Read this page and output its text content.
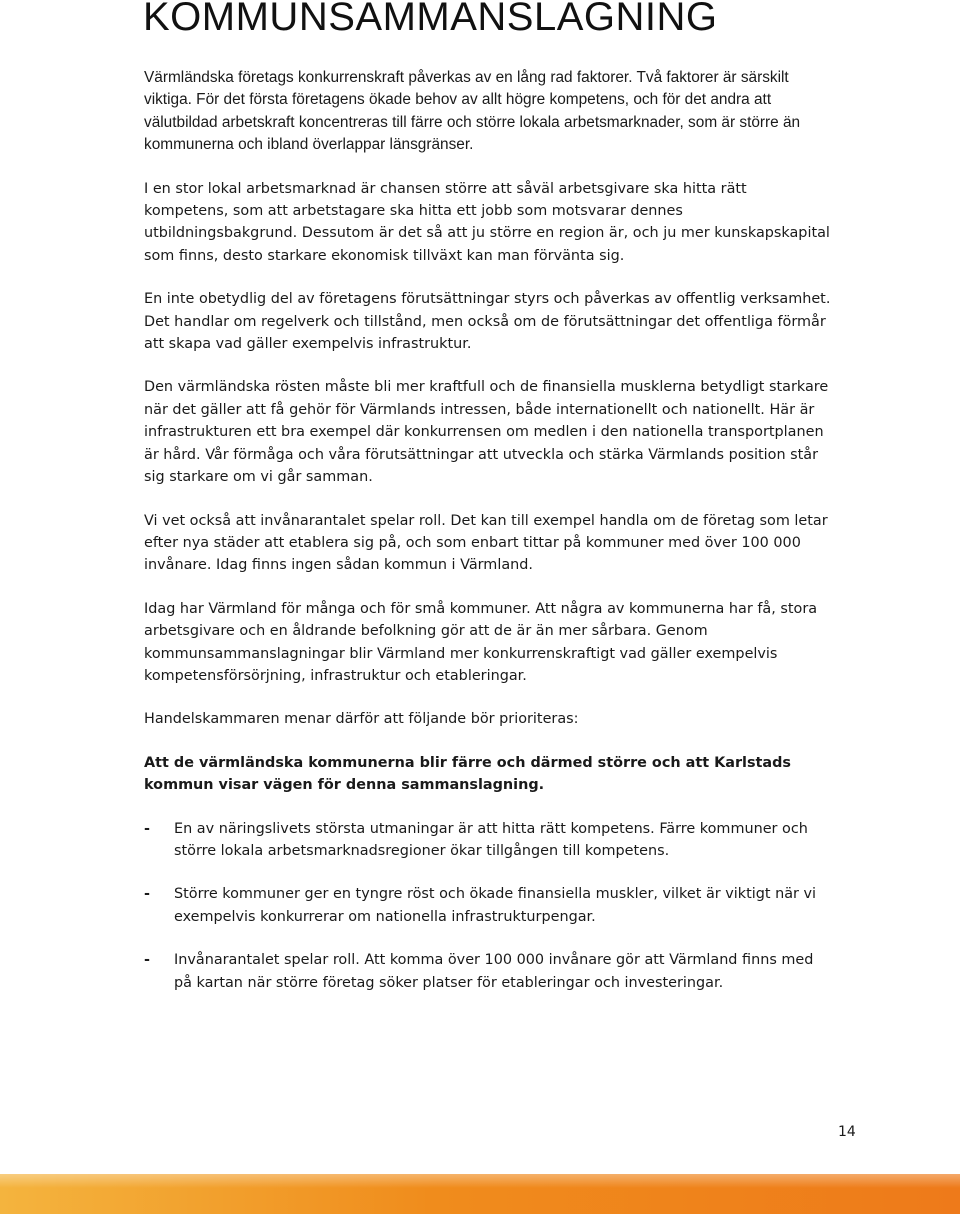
KOMMUNSAMMANSLAGNING

Värmländska företags konkurrenskraft påverkas av en lång rad faktorer. Två faktorer är särskilt viktiga. För det första företagens ökade behov av allt högre kompetens, och för det andra att välutbildad arbetskraft koncentreras till färre och större lokala arbetsmarknader, som är större än kommunerna och ibland överlappar länsgränser.

I en stor lokal arbetsmarknad är chansen större att såväl arbetsgivare ska hitta rätt kompetens, som att arbetstagare ska hitta ett jobb som motsvarar dennes utbildningsbakgrund. Dessutom är det så att ju större en region är, och ju mer kunskapskapital som finns, desto starkare ekonomisk tillväxt kan man förvänta sig.

En inte obetydlig del av företagens förutsättningar styrs och påverkas av offentlig verksamhet. Det handlar om regelverk och tillstånd, men också om de förutsättningar det offentliga förmår att skapa vad gäller exempelvis infrastruktur.

Den värmländska rösten måste bli mer kraftfull och de finansiella musklerna betydligt starkare när det gäller att få gehör för Värmlands intressen, både internationellt och nationellt. Här är infrastrukturen ett bra exempel där konkurrensen om medlen i den nationella transportplanen är hård. Vår förmåga och våra förutsättningar att utveckla och stärka Värmlands position står sig starkare om vi går samman.

Vi vet också att invånarantalet spelar roll. Det kan till exempel handla om de företag som letar efter nya städer att etablera sig på, och som enbart tittar på kommuner med över 100 000 invånare. Idag finns ingen sådan kommun i Värmland.

Idag har Värmland för många och för små kommuner. Att några av kommunerna har få, stora arbetsgivare och en åldrande befolkning gör att de är än mer sårbara. Genom kommunsammanslagningar blir Värmland mer konkurrenskraftigt vad gäller exempelvis kompetensförsörjning, infrastruktur och etableringar.

Handelskammaren menar därför att följande bör prioriteras:

Att de värmländska kommunerna blir färre och därmed större och att Karlstads kommun visar vägen för denna sammanslagning.

- En av näringslivets största utmaningar är att hitta rätt kompetens. Färre kommuner och större lokala arbetsmarknadsregioner ökar tillgången till kompetens.
- Större kommuner ger en tyngre röst och ökade finansiella muskler, vilket är viktigt när vi exempelvis konkurrerar om nationella infrastrukturpengar.
- Invånarantalet spelar roll. Att komma över 100 000 invånare gör att Värmland finns med på kartan när större företag söker platser för etableringar och investeringar.
14
